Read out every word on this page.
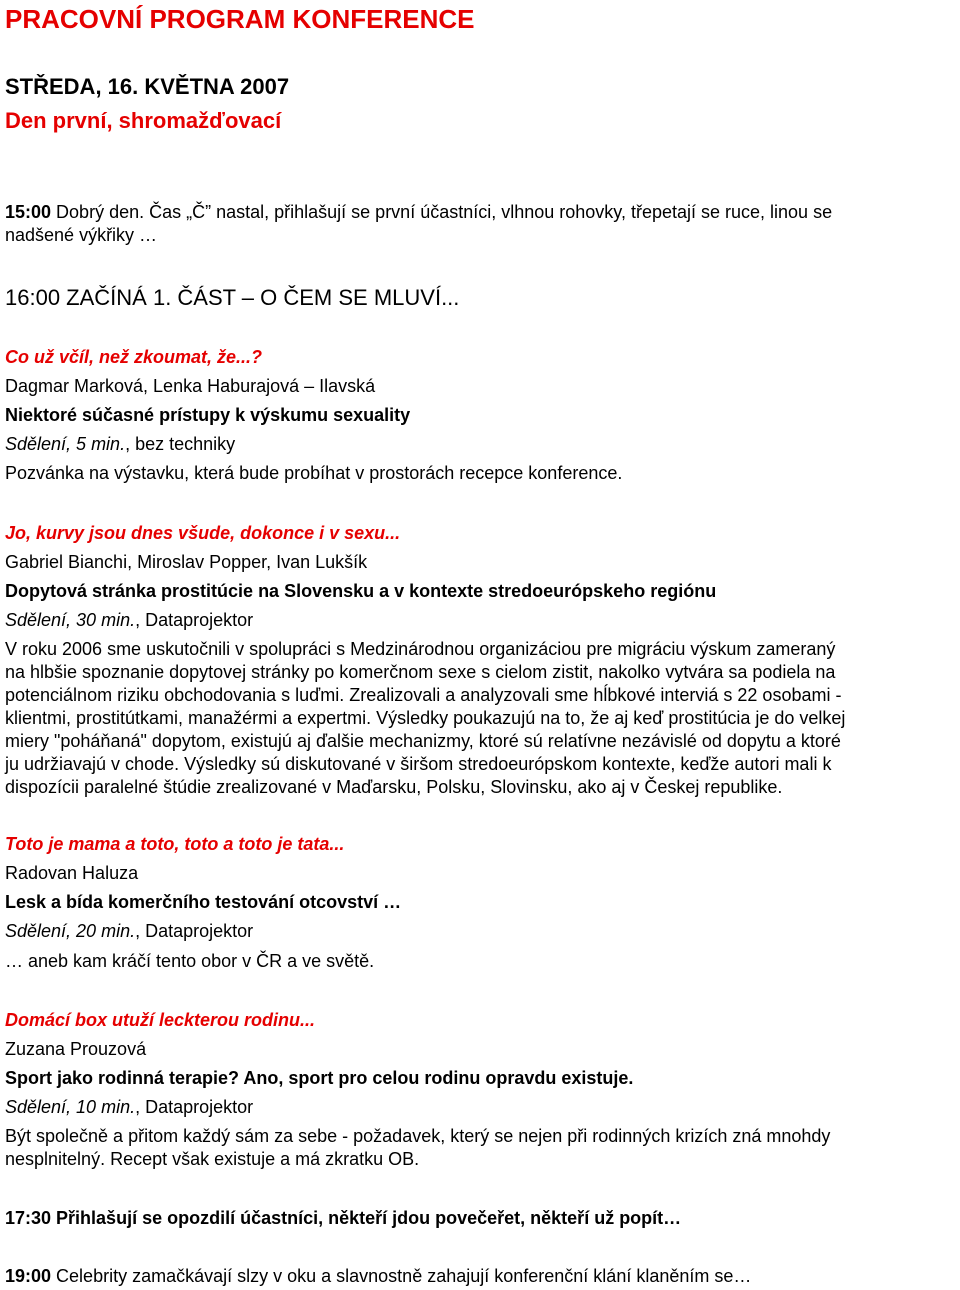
PRACOVNÍ PROGRAM KONFERENCE
STŘEDA, 16. KVĚTNA 2007
Den první, shromažďovací
15:00 Dobrý den. Čas „Č” nastal, přihlašují se první účastníci, vlhnou rohovky, třepetají se ruce, linou se
nadšené výkřiky …
16:00 ZAČÍNÁ 1. ČÁST – O ČEM SE MLUVÍ...
Co už včíl, než zkoumat, že...?
Dagmar Marková, Lenka Haburajová – Ilavská
Niektoré súčasné prístupy k výskumu sexuality
Sdělení, 5 min., bez techniky
Pozvánka na výstavku, která bude probíhat v prostorách recepce konference.
Jo, kurvy jsou dnes všude, dokonce i v sexu...
Gabriel Bianchi, Miroslav Popper, Ivan Lukšík
Dopytová stránka prostitúcie na Slovensku a v kontexte stredoeurópskeho regiónu
Sdělení, 30 min., Dataprojektor
V roku 2006 sme uskutočnili v spolupráci s Medzinárodnou organizáciou pre migráciu výskum zameraný
na hlbšie spoznanie dopytovej stránky po komerčnom sexe s cielom zistit, nakolko vytvára sa podiela na
potenciálnom riziku obchodovania s luďmi. Zrealizovali a analyzovali sme hĺbkové interviá s 22 osobami -
klientmi, prostitútkami, manažérmi a expertmi. Výsledky poukazujú na to, že aj keď prostitúcia je do velkej
miery "poháňaná" dopytom, existujú aj ďalšie mechanizmy, ktoré sú relatívne nezávislé od dopytu a ktoré
ju udržiavajú v chode. Výsledky sú diskutované v širšom stredoeurópskom kontexte, keďže autori mali k
dispozícii paralelné štúdie zrealizované v Maďarsku, Polsku, Slovinsku, ako aj v Českej republike.
Toto je mama a toto, toto a toto je tata...
Radovan Haluza
Lesk a bída komerčního testování otcovství …
Sdělení, 20 min., Dataprojektor
… aneb kam kráčí tento obor v ČR a ve světě.
Domácí box utuží leckterou rodinu...
Zuzana Prouzová
Sport jako rodinná terapie? Ano, sport pro celou rodinu opravdu existuje.
Sdělení, 10 min., Dataprojektor
Být společně a přitom každý sám za sebe - požadavek, který se nejen při rodinných krizích zná mnohdy
nesplnitelný. Recept však existuje a má zkratku OB.
17:30 Přihlašují se opozdilí účastníci, někteří jdou povečeřet, někteří už popít…
19:00 Celebrity zamačkávají slzy v oku a slavnostně zahajují konferenční klání klaněním se…
